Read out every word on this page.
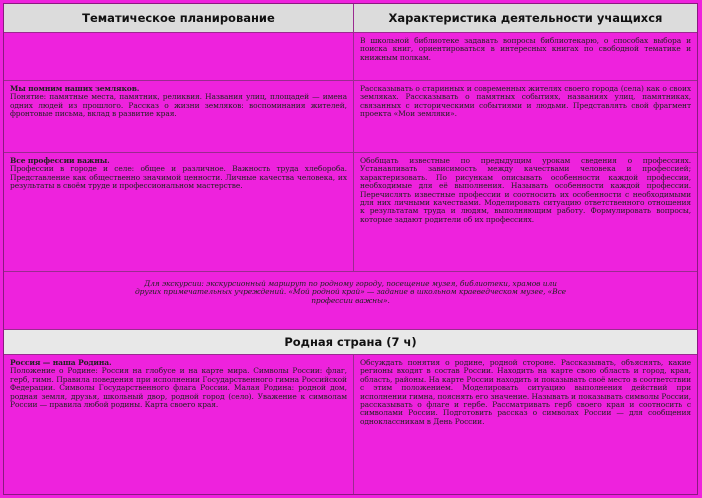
Тематическое планирование	Характеристика деятельности учащихся
В школьной библиотеке задавать вопросы библиотекарю, о способах выбора и поиска книг, ориентироваться в интересных книгах по свободной тематике и книжным полкам.
Мы помним наших земляков.
Понятие: памятные места, памятник, реликвия. Названия улиц, площадей — имена одних людей из прошлого. Рассказ о жизни земляков: воспоминания жителей, фронтовые письма, вклад в развитие края.
Рассказывать о старинных и современных жителях своего города (села) как о своих земляках. Рассказывать о памятных событиях, названиях улиц, памятниках, связанных с историческими событиями и людьми. Представлять свой фрагмент проекта «Мои земляки».
Все профессии важны.
Профессии в городе и селе: общее и различное. Важность труда хлебороба. Представление как общественно значимой ценности. Личные качества человека, их результаты в своём труде и профессиональном мастерстве.
Обобщать известные по предыдущим урокам сведения о профессиях. Устанавливать зависимость между качествами человека и профессией; характеризовать. По рисункам описывать особенности каждой профессии, необходимые для её выполнения. Называть особенности каждой профессии. Перечислять известные профессии и соотносить их особенности с необходимыми для них личными качествами. Моделировать ситуацию ответственного отношения к результатам труда и людям, выполняющим работу. Формулировать вопросы, которые задают родители об их профессиях.
Для экскурсии: экскурсионный маршрут по родному городу, посещение музея, библиотеки, храмов или других примечательных учреждений. «Мой родной край» — задание в школьном краеведческом музее, «Все профессии важны».
Родная страна (7 ч)
Россия — наша Родина.
Положение о Родине: Россия на глобусе и на карте мира. Символы России: флаг, герб, гимн. Правила поведения при исполнении Государственного гимна Российской Федерации. Символы Государственного флага России. Малая Родина: родной дом, родная земля, друзья, школьный двор, родной город (село). Уважение к символам России — правила любой родины. Карта своего края.
Обсуждать понятия о родине, родной стороне. Рассказывать, объяснять, какие регионы входят в состав России. Находить на карте свою область и город, края, область, районы. На карте России находить и показывать своё место в соответствии с этим положением. Моделировать ситуацию выполнения действий при исполнении гимна, пояснять его значение. Называть и показывать символы России, рассказывать о флаге и гербе. Рассматривать герб своего края и соотносить с символами России. Подготовить рассказ о символах России — для сообщения одноклассникам в День России.
